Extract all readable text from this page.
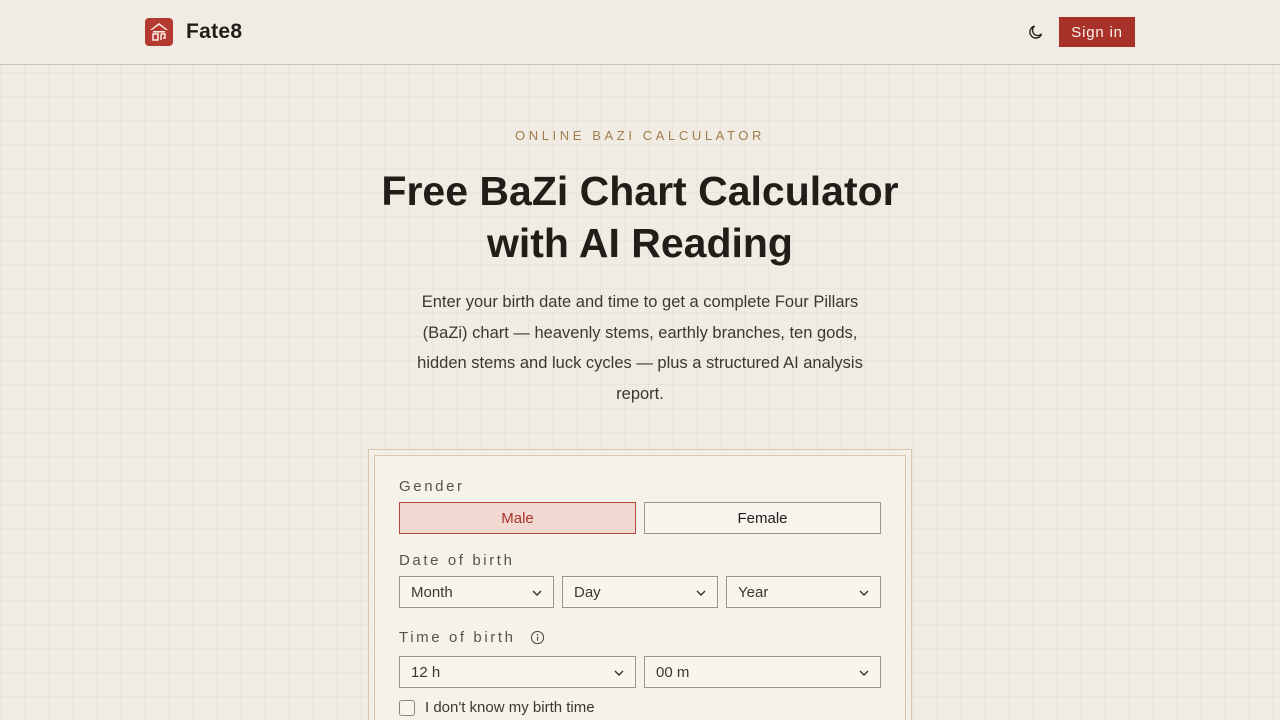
Fate8	Sign in
ONLINE BAZI CALCULATOR
Free BaZi Chart Calculator
with AI Reading

Enter your birth date and time to get a complete Four Pillars (BaZi) chart — heavenly stems, earthly branches, ten gods, hidden stems and luck cycles — plus a structured AI analysis report.

Gender
Male	Female
Date of birth
Month	Day	Year
Time of birth
12 h	00 m
I don't know my birth time
